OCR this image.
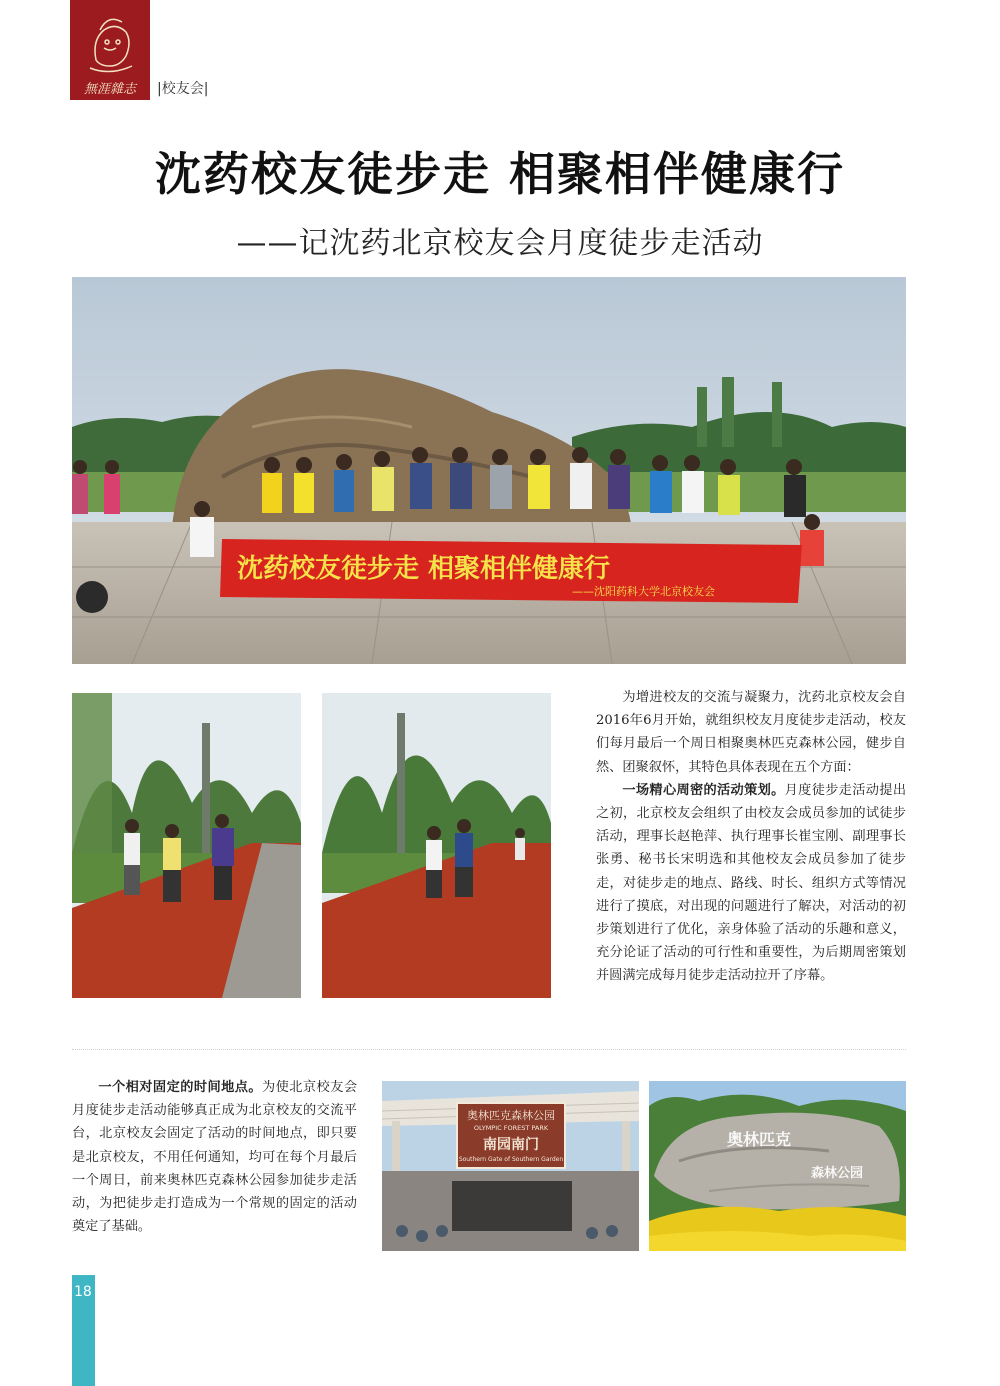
無涯雜志	|校友会|
沈药校友徒步走 相聚相伴健康行
——记沈药北京校友会月度徒步走活动
沈药校友徒步走 相聚相伴健康行
——沈阳药科大学北京校友会

为增进校友的交流与凝聚力，沈药北京校友会自2016年6月开始，就组织校友月度徒步走活动，校友们每月最后一个周日相聚奥林匹克森林公园，健步自然、团聚叙怀，其特色具体表现在五个方面：

一场精心周密的活动策划。月度徒步走活动提出之初，北京校友会组织了由校友会成员参加的试徒步活动，理事长赵艳萍、执行理事长崔宝刚、副理事长张勇、秘书长宋明选和其他校友会成员参加了徒步走，对徒步走的地点、路线、时长、组织方式等情况进行了摸底，对出现的问题进行了解决，对活动的初步策划进行了优化，亲身体验了活动的乐趣和意义，充分论证了活动的可行性和重要性，为后期周密策划并圆满完成每月徒步走活动拉开了序幕。

一个相对固定的时间地点。为使北京校友会月度徒步走活动能够真正成为北京校友的交流平台，北京校友会固定了活动的时间地点，即只要是北京校友，不用任何通知，均可在每个月最后一个周日，前来奥林匹克森林公园参加徒步走活动，为把徒步走打造成为一个常规的固定的活动奠定了基础。

奥林匹克森林公园
OLYMPIC FOREST PARK
南园南门
Southern Gate of Southern Garden
奥林匹克
森林公园
18
